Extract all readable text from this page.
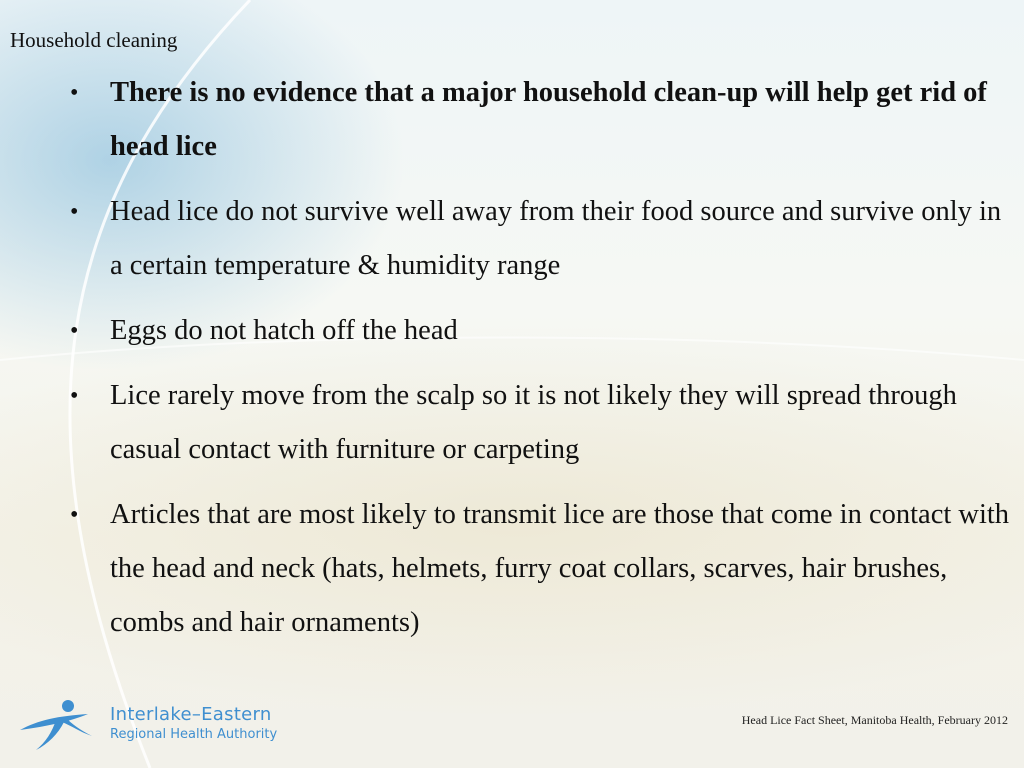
Household cleaning
• There is no evidence that a major household clean-up will help get rid of head lice
• Head lice do not survive well away from their food source and survive only in a certain temperature & humidity range
• Eggs do not hatch off the head
• Lice rarely move from the scalp so it is not likely they will spread through casual contact with furniture or carpeting
• Articles that are most likely to transmit lice are those that come in contact with the head and neck (hats, helmets, furry coat collars, scarves, hair brushes, combs and hair ornaments)
Interlake–Eastern
Regional Health Authority
Head Lice Fact Sheet, Manitoba Health, February 2012
